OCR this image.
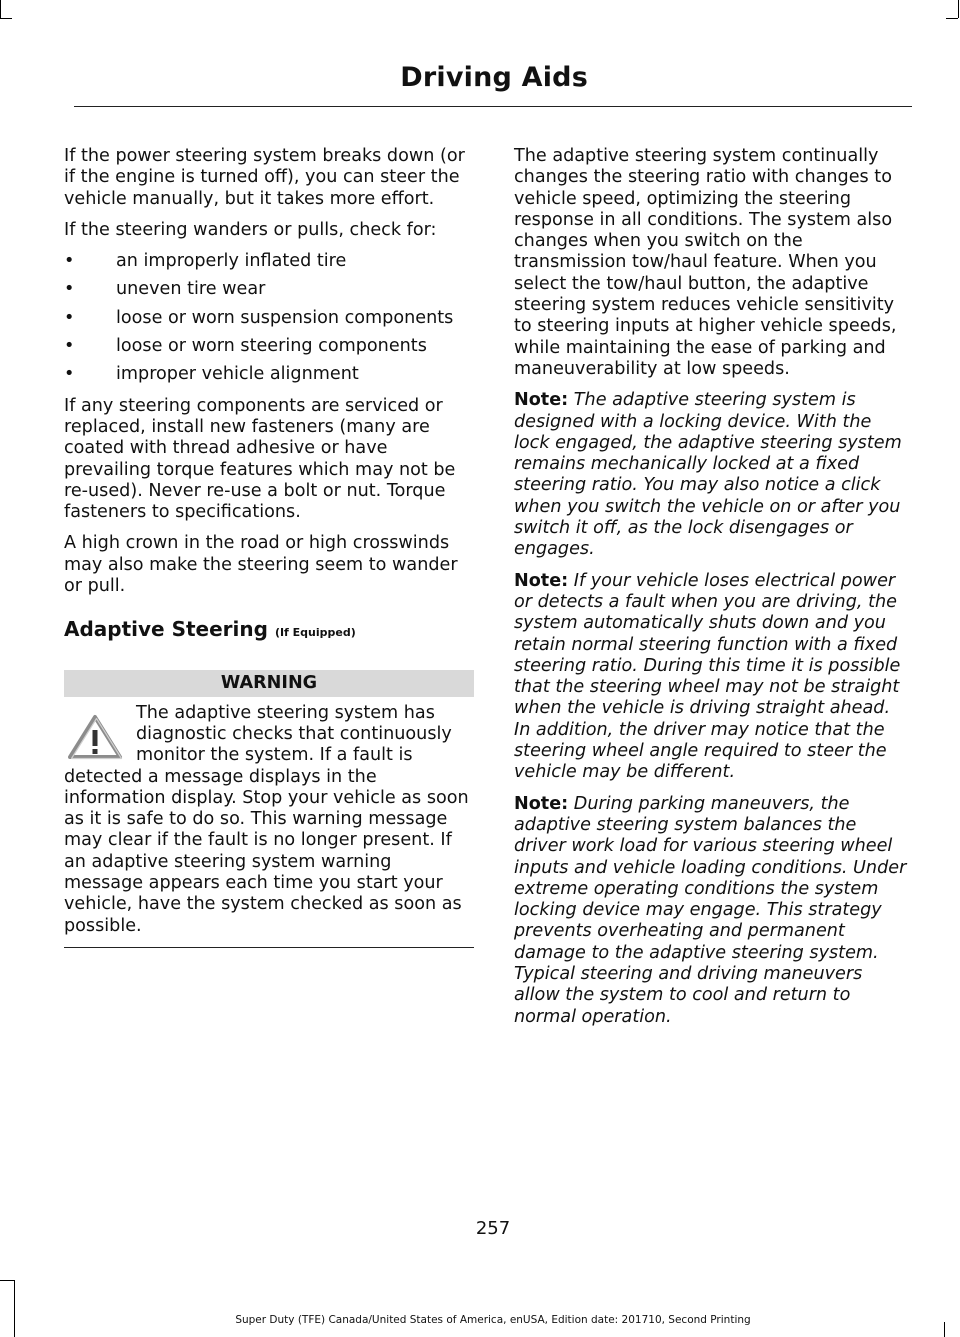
Driving Aids

If the power steering system breaks down (or if the engine is turned off), you can steer the vehicle manually, but it takes more effort.

If the steering wanders or pulls, check for:

• an improperly inflated tire
• uneven tire wear
• loose or worn suspension components
• loose or worn steering components
• improper vehicle alignment

If any steering components are serviced or replaced, install new fasteners (many are coated with thread adhesive or have prevailing torque features which may not be re-used). Never re-use a bolt or nut. Torque fasteners to specifications.

A high crown in the road or high crosswinds may also make the steering seem to wander or pull.

Adaptive Steering (If Equipped)
WARNING
The adaptive steering system has diagnostic checks that continuously monitor the system. If a fault is detected a message displays in the information display. Stop your vehicle as soon as it is safe to do so. This warning message may clear if the fault is no longer present. If an adaptive steering system warning message appears each time you start your vehicle, have the system checked as soon as possible.

The adaptive steering system continually changes the steering ratio with changes to vehicle speed, optimizing the steering response in all conditions. The system also changes when you switch on the transmission tow/haul feature. When you select the tow/haul button, the adaptive steering system reduces vehicle sensitivity to steering inputs at higher vehicle speeds, while maintaining the ease of parking and maneuverability at low speeds.

Note: The adaptive steering system is designed with a locking device. With the lock engaged, the adaptive steering system remains mechanically locked at a fixed steering ratio. You may also notice a click when you switch the vehicle on or after you switch it off, as the lock disengages or engages.

Note: If your vehicle loses electrical power or detects a fault when you are driving, the system automatically shuts down and you retain normal steering function with a fixed steering ratio. During this time it is possible that the steering wheel may not be straight when the vehicle is driving straight ahead. In addition, the driver may notice that the steering wheel angle required to steer the vehicle may be different.

Note: During parking maneuvers, the adaptive steering system balances the driver work load for various steering wheel inputs and vehicle loading conditions. Under extreme operating conditions the system locking device may engage. This strategy prevents overheating and permanent damage to the adaptive steering system. Typical steering and driving maneuvers allow the system to cool and return to normal operation.

257
Super Duty (TFE) Canada/United States of America, enUSA, Edition date: 201710, Second Printing
